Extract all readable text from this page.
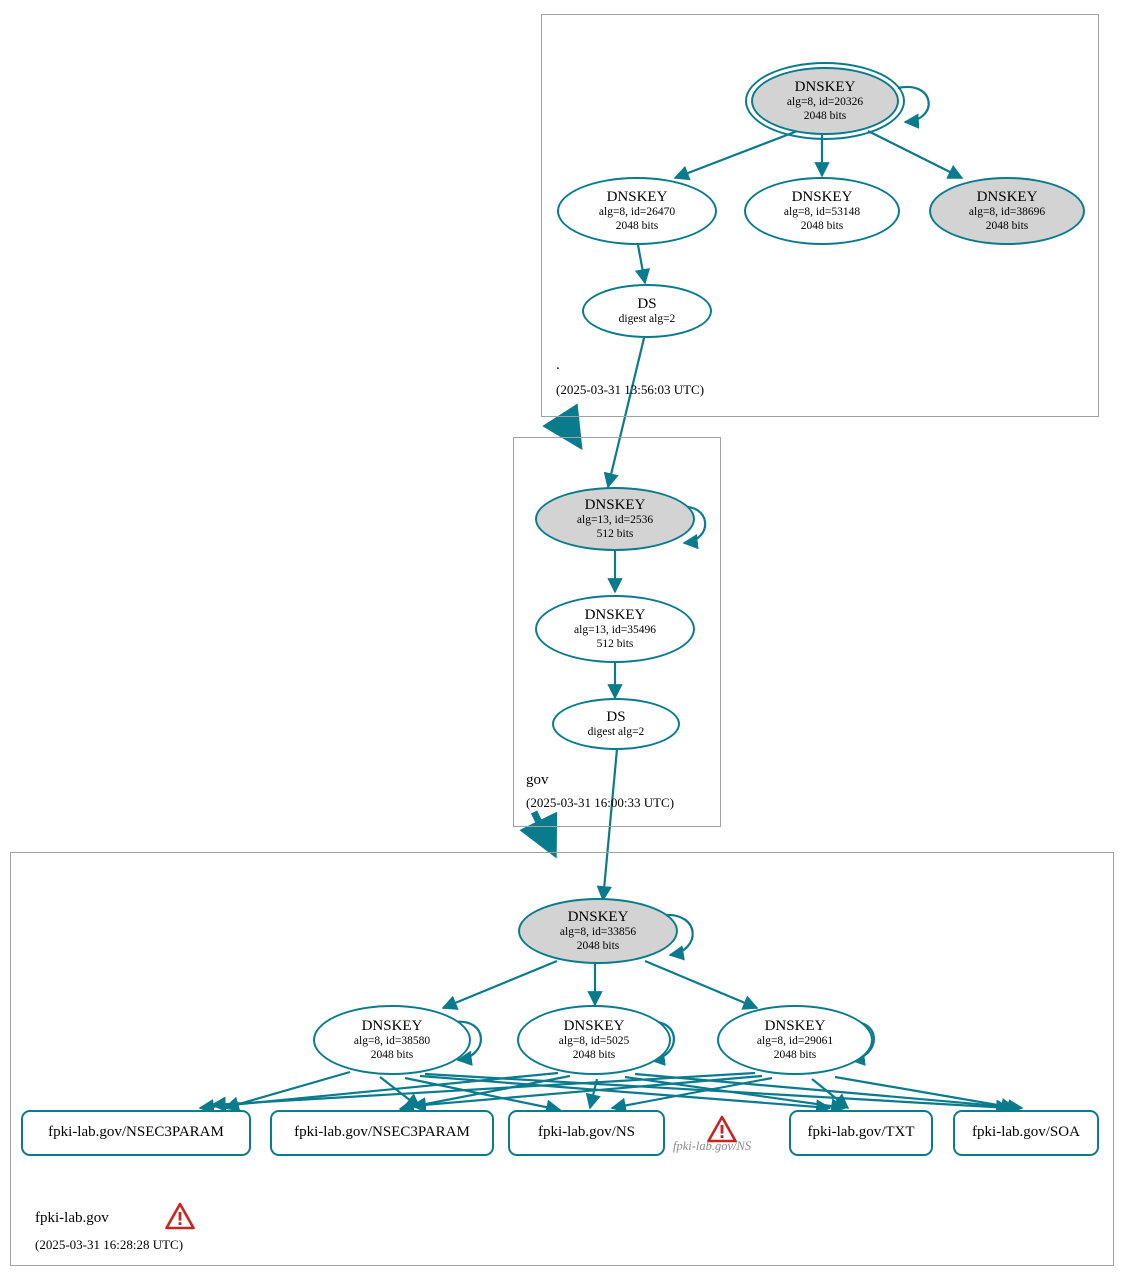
.
(2025-03-31 13:56:03 UTC)
DNSKEY
alg=8, id=20326
2048 bits
DNSKEY
alg=8, id=26470
2048 bits
DNSKEY
alg=8, id=53148
2048 bits
DNSKEY
alg=8, id=38696
2048 bits
DS
digest alg=2
gov
(2025-03-31 16:00:33 UTC)
DNSKEY
alg=13, id=2536
512 bits
DNSKEY
alg=13, id=35496
512 bits
DS
digest alg=2
fpki-lab.gov
(2025-03-31 16:28:28 UTC)
DNSKEY
alg=8, id=33856
2048 bits
DNSKEY
alg=8, id=38580
2048 bits
DNSKEY
alg=8, id=5025
2048 bits
DNSKEY
alg=8, id=29061
2048 bits
fpki-lab.gov/NSEC3PARAM	fpki-lab.gov/NSEC3PARAM	fpki-lab.gov/NS	fpki-lab.gov/TXT	fpki-lab.gov/SOA
fpki-lab.gov/NS
